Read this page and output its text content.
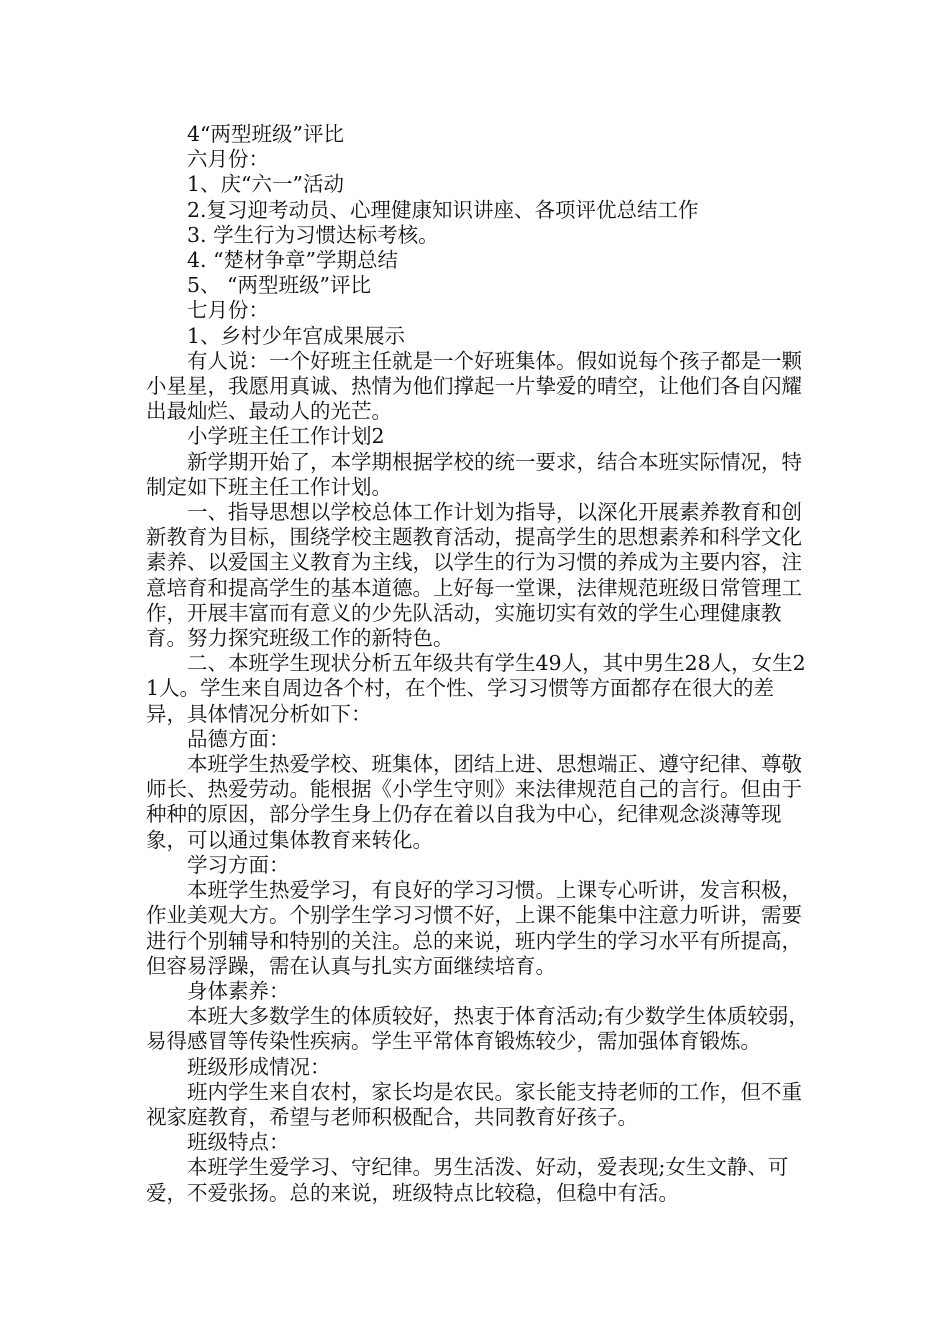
4“两型班级”评比

六月份：

1、庆“六一”活动

2.复习迎考动员、心理健康知识讲座、各项评优总结工作

3. 学生行为习惯达标考核。

4. “楚材争章”学期总结

5、 “两型班级”评比

七月份：

1、乡村少年宫成果展示

有人说：一个好班主任就是一个好班集体。假如说每个孩子都是一颗小星星，我愿用真诚、热情为他们撑起一片挚爱的晴空，让他们各自闪耀出最灿烂、最动人的光芒。

小学班主任工作计划2

新学期开始了，本学期根据学校的统一要求，结合本班实际情况，特制定如下班主任工作计划。

一、指导思想以学校总体工作计划为指导，以深化开展素养教育和创新教育为目标，围绕学校主题教育活动，提高学生的思想素养和科学文化素养、以爱国主义教育为主线，以学生的行为习惯的养成为主要内容，注意培育和提高学生的基本道德。上好每一堂课，法律规范班级日常管理工作，开展丰富而有意义的少先队活动，实施切实有效的学生心理健康教育。努力探究班级工作的新特色。

二、本班学生现状分析五年级共有学生49人，其中男生28人，女生21人。学生来自周边各个村，在个性、学习习惯等方面都存在很大的差异，具体情况分析如下：

品德方面：

本班学生热爱学校、班集体，团结上进、思想端正、遵守纪律、尊敬师长、热爱劳动。能根据《小学生守则》来法律规范自己的言行。但由于种种的原因，部分学生身上仍存在着以自我为中心，纪律观念淡薄等现象，可以通过集体教育来转化。

学习方面：

本班学生热爱学习，有良好的学习习惯。上课专心听讲，发言积极，作业美观大方。个别学生学习习惯不好，上课不能集中注意力听讲，需要进行个别辅导和特别的关注。总的来说，班内学生的学习水平有所提高，但容易浮躁，需在认真与扎实方面继续培育。

身体素养：

本班大多数学生的体质较好，热衷于体育活动;有少数学生体质较弱，易得感冒等传染性疾病。学生平常体育锻炼较少，需加强体育锻炼。

班级形成情况：

班内学生来自农村，家长均是农民。家长能支持老师的工作，但不重视家庭教育，希望与老师积极配合，共同教育好孩子。

班级特点：

本班学生爱学习、守纪律。男生活泼、好动，爱表现;女生文静、可爱，不爱张扬。总的来说，班级特点比较稳，但稳中有活。
